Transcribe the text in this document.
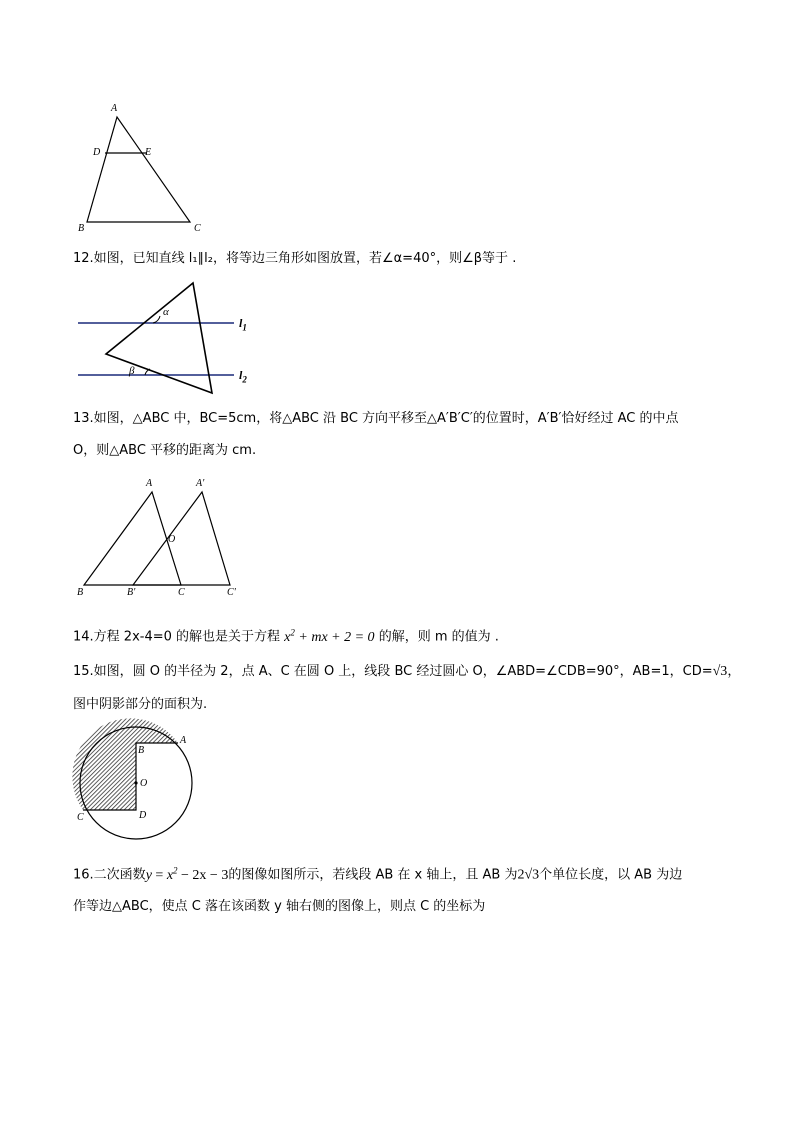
A
D	E
B	C
12.如图，已知直线 l₁∥l₂，将等边三角形如图放置，若∠α=40°，则∠β等于 .
α
β
$l_1$
$l_2$
13.如图，△ABC 中，BC=5cm，将△ABC 沿 BC 方向平移至△A′B′C′的位置时，A′B′恰好经过 AC 的中点
O，则△ABC 平移的距离为 cm.
A	A'
O
B	B'	C	C'
14.方程 2x-4=0 的解也是关于方程 $x^2$ + mx + 2 = 0 的解，则 m 的值为 .
15.如图，圆 O 的半径为 2，点 A、C 在圆 O 上，线段 BC 经过圆心 O，∠ABD=∠CDB=90°，AB=1，CD=√3，
图中阴影部分的面积为.
B
A
O
D
C
16.二次函数$y = x^2 - 2x - 3$的图像如图所示，若线段 AB 在 x 轴上，且 AB 为2√3个单位长度，以 AB 为边
作等边△ABC，使点 C 落在该函数 y 轴右侧的图像上，则点 C 的坐标为
